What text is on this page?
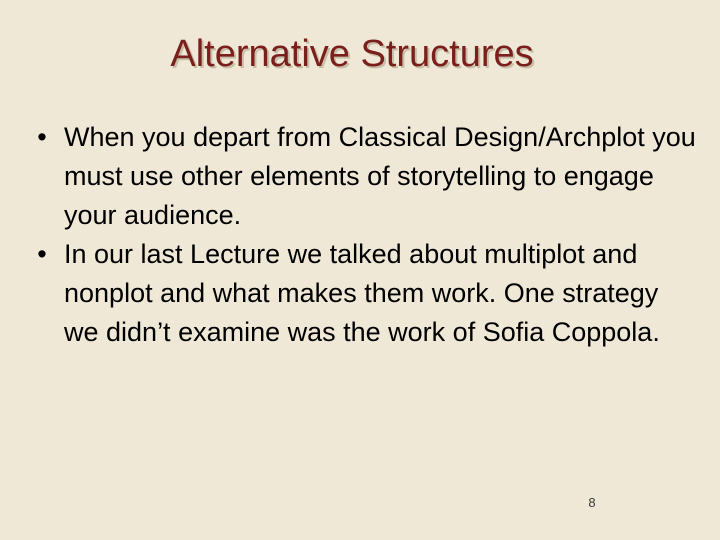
Alternative Structures
• When you depart from Classical Design/Archplot you must use other elements of storytelling to engage your audience.
• In our last Lecture we talked about multiplot and nonplot and what makes them work. One strategy we didn’t examine was the work of Sofia Coppola.
8
